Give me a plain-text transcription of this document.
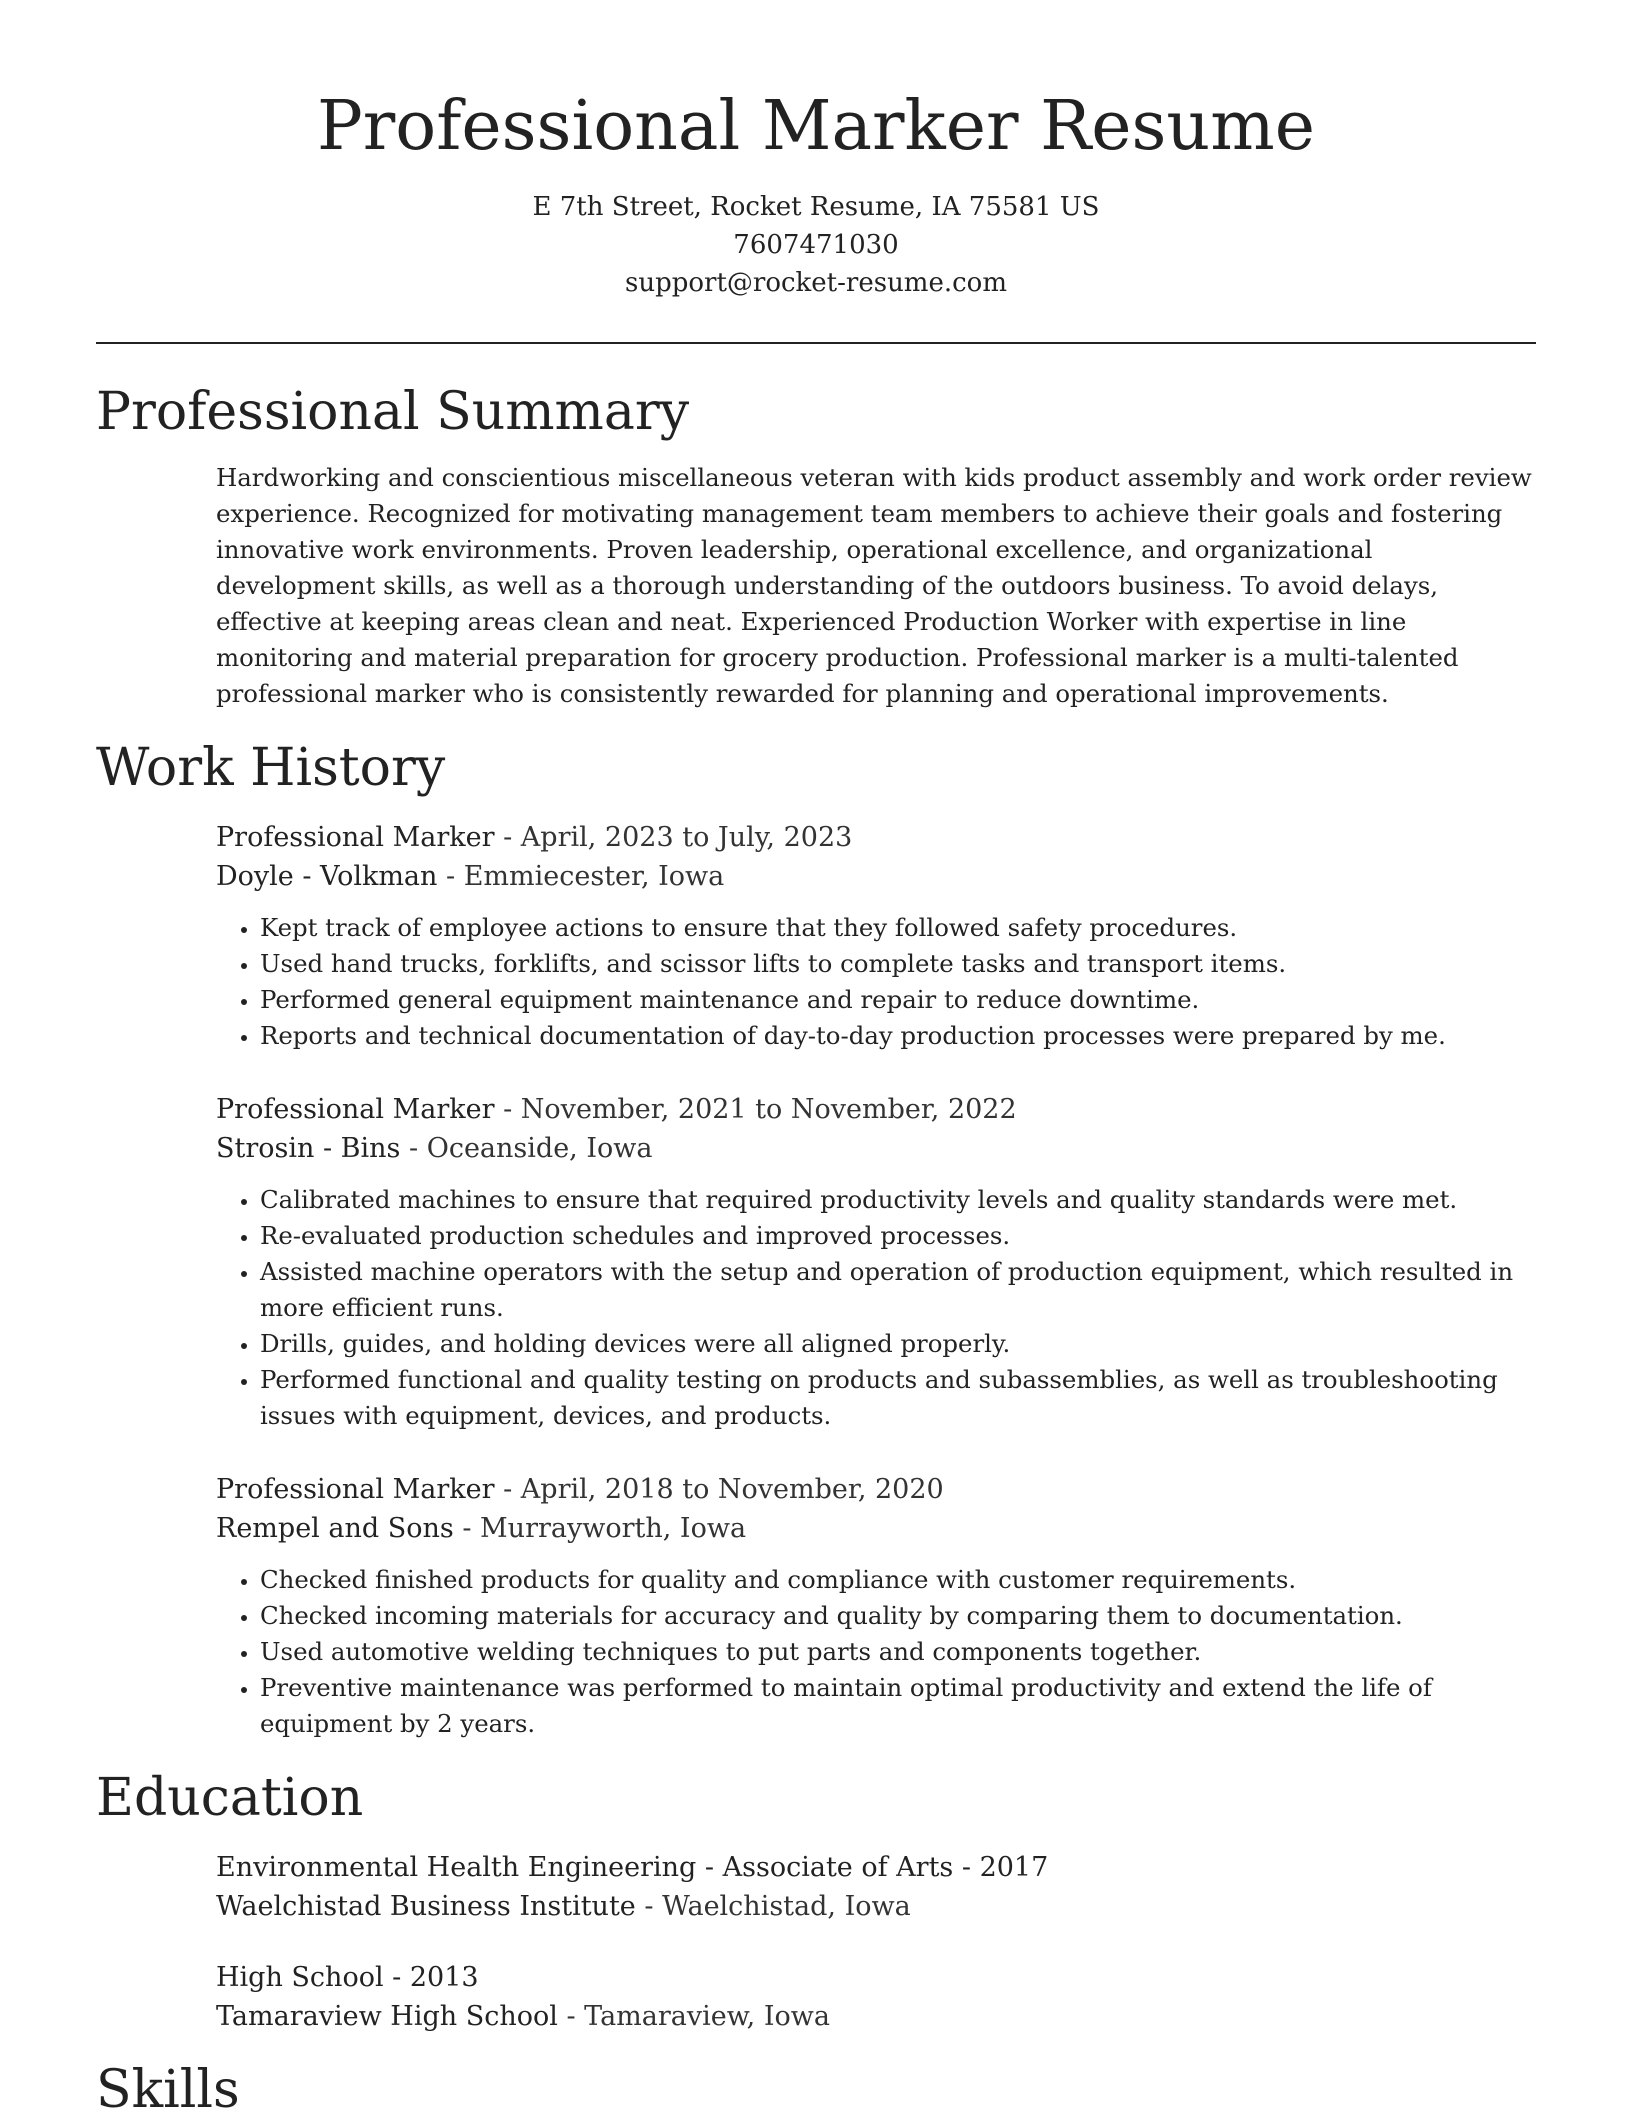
Professional Marker Resume
E 7th Street, Rocket Resume, IA 75581 US
7607471030
support@rocket-resume.com
Professional Summary

Hardworking and conscientious miscellaneous veteran with kids product assembly and work order review experience. Recognized for motivating management team members to achieve their goals and fostering innovative work environments. Proven leadership, operational excellence, and organizational development skills, as well as a thorough understanding of the outdoors business. To avoid delays, effective at keeping areas clean and neat. Experienced Production Worker with expertise in line monitoring and material preparation for grocery production. Professional marker is a multi-talented professional marker who is consistently rewarded for planning and operational improvements.

Work History
Professional Marker - April, 2023 to July, 2023
Doyle - Volkman - Emmiecester, Iowa
• Kept track of employee actions to ensure that they followed safety procedures.
• Used hand trucks, forklifts, and scissor lifts to complete tasks and transport items.
• Performed general equipment maintenance and repair to reduce downtime.
• Reports and technical documentation of day-to-day production processes were prepared by me.
Professional Marker - November, 2021 to November, 2022
Strosin - Bins - Oceanside, Iowa
• Calibrated machines to ensure that required productivity levels and quality standards were met.
• Re-evaluated production schedules and improved processes.
• Assisted machine operators with the setup and operation of production equipment, which resulted in more efficient runs.
• Drills, guides, and holding devices were all aligned properly.
• Performed functional and quality testing on products and subassemblies, as well as troubleshooting issues with equipment, devices, and products.
Professional Marker - April, 2018 to November, 2020
Rempel and Sons - Murrayworth, Iowa
• Checked finished products for quality and compliance with customer requirements.
• Checked incoming materials for accuracy and quality by comparing them to documentation.
• Used automotive welding techniques to put parts and components together.
• Preventive maintenance was performed to maintain optimal productivity and extend the life of equipment by 2 years.
Education
Environmental Health Engineering - Associate of Arts - 2017
Waelchistad Business Institute - Waelchistad, Iowa
High School - 2013
Tamaraview High School - Tamaraview, Iowa
Skills
